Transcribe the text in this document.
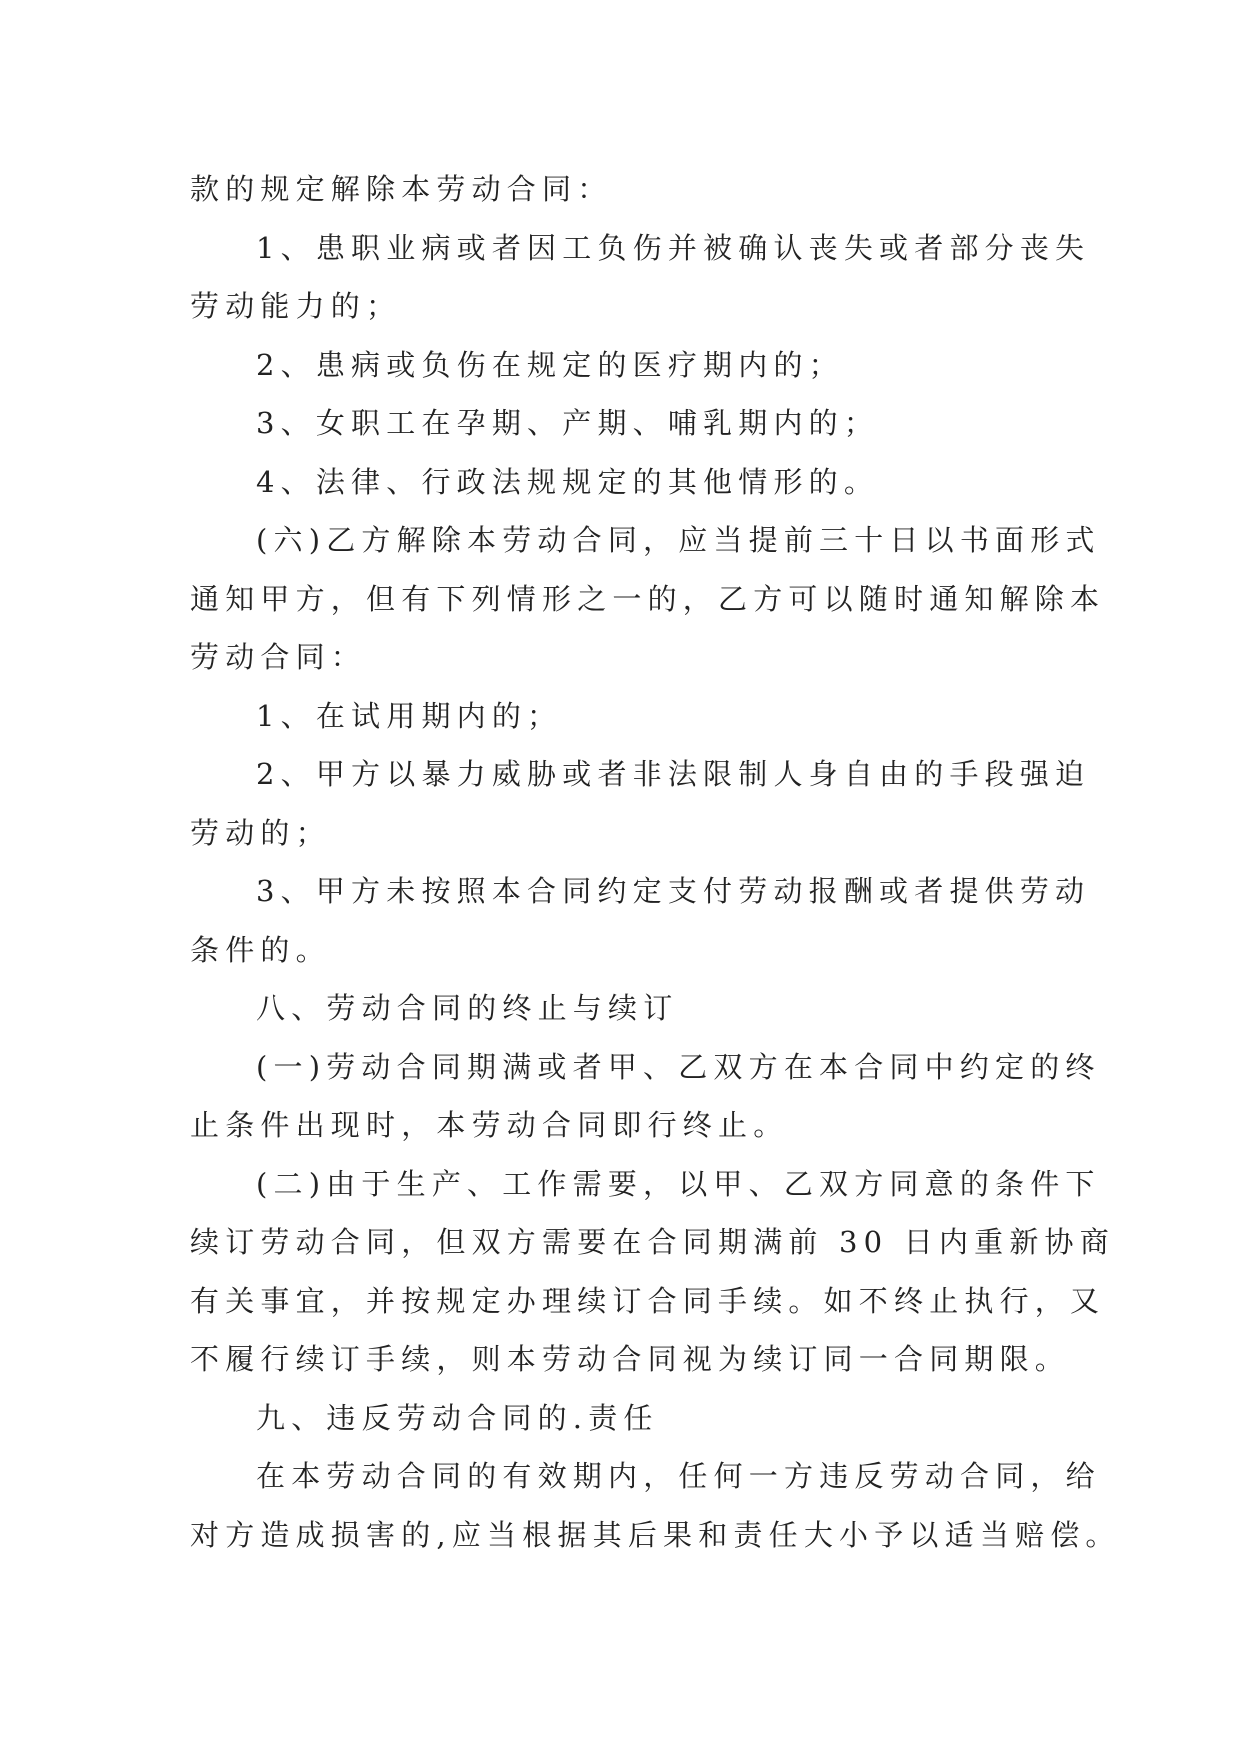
款的规定解除本劳动合同：
1、患职业病或者因工负伤并被确认丧失或者部分丧失
劳动能力的；
2、患病或负伤在规定的医疗期内的；
3、女职工在孕期、产期、哺乳期内的；
4、法律、行政法规规定的其他情形的。
(六)乙方解除本劳动合同，应当提前三十日以书面形式
通知甲方，但有下列情形之一的，乙方可以随时通知解除本
劳动合同：
1、在试用期内的；
2、甲方以暴力威胁或者非法限制人身自由的手段强迫
劳动的；
3、甲方未按照本合同约定支付劳动报酬或者提供劳动
条件的。
八、劳动合同的终止与续订
(一)劳动合同期满或者甲、乙双方在本合同中约定的终
止条件出现时，本劳动合同即行终止。
(二)由于生产、工作需要，以甲、乙双方同意的条件下
续订劳动合同，但双方需要在合同期满前 30 日内重新协商
有关事宜，并按规定办理续订合同手续。如不终止执行，又
不履行续订手续，则本劳动合同视为续订同一合同期限。
九、违反劳动合同的.责任
在本劳动合同的有效期内，任何一方违反劳动合同，给
对方造成损害的,应当根据其后果和责任大小予以适当赔偿。
